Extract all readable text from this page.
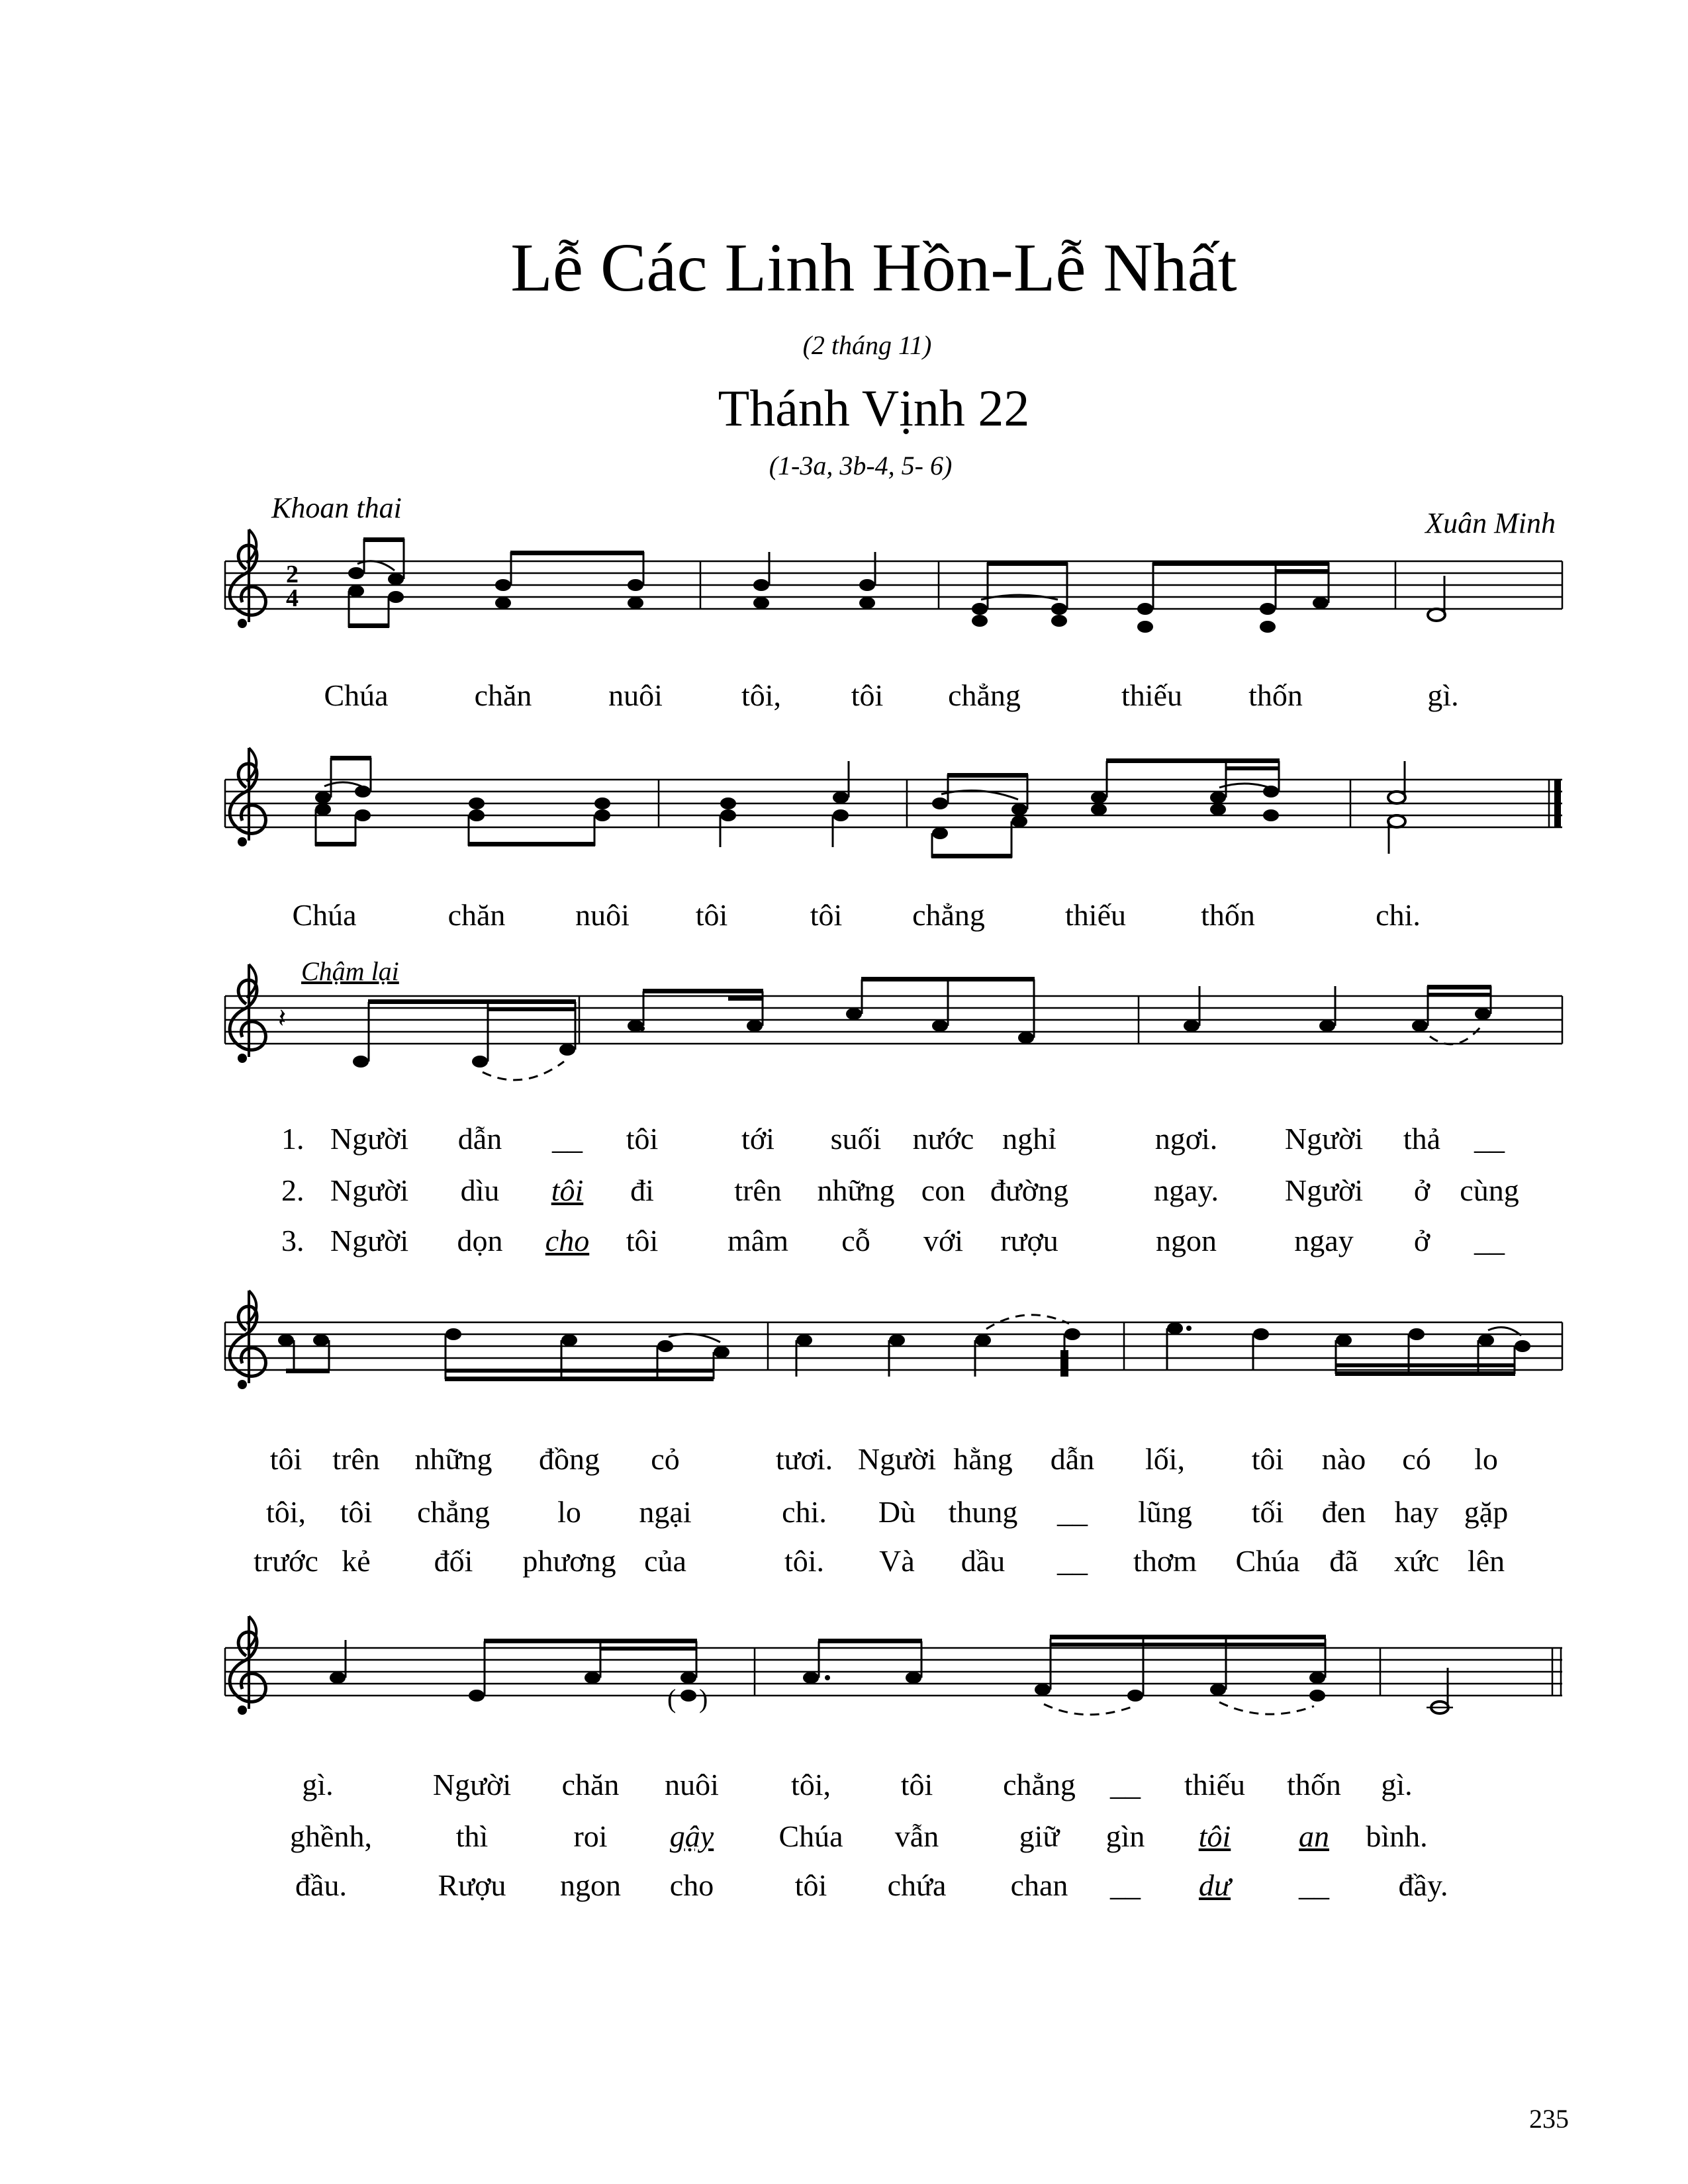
Lễ Các Linh Hồn-Lễ Nhất
(2 tháng 11)
Thánh Vịnh 22
(1-3a, 3b-4, 5- 6)
Khoan thai	Xuân Minh
2
4
𝄽
( )
Chúa	chăn	nuôi	tôi, tôi chẳng	thiếu thốn	gì.
Chúa	chăn nuôi tôi	tôi chẳng	thiếu thốn	chi.
Chậm lại
1.
2.
3.
Người dẫn __ tôi	tới suối nước nghỉ	ngơi. Người thả __
Người dìu tôi đi	trên những con đường	ngay. Người ở cùng
Người dọn cho tôi mâm cỗ với rượu	ngon	ngay ở __
tôi trên những đồng cỏ	tươi. Người hằng dẫn lối, tôi nào có lo
tôi, tôi chẳng lo ngại	chi. Dù thung __ lũng tối đen hay gặp
trước kẻ đối phương của	tôi. Và dầu __ thơm Chúa đã xức lên
gì.	Người chăn nuôi tôi, tôi chẳng __ thiếu thốn gì.
ghềnh,	thì	roi gậy Chúa vẫn	giữ gìn tôi an bình.
đầu.	Rượu ngon cho	tôi chứa chan __ dư __ đầy.
235
